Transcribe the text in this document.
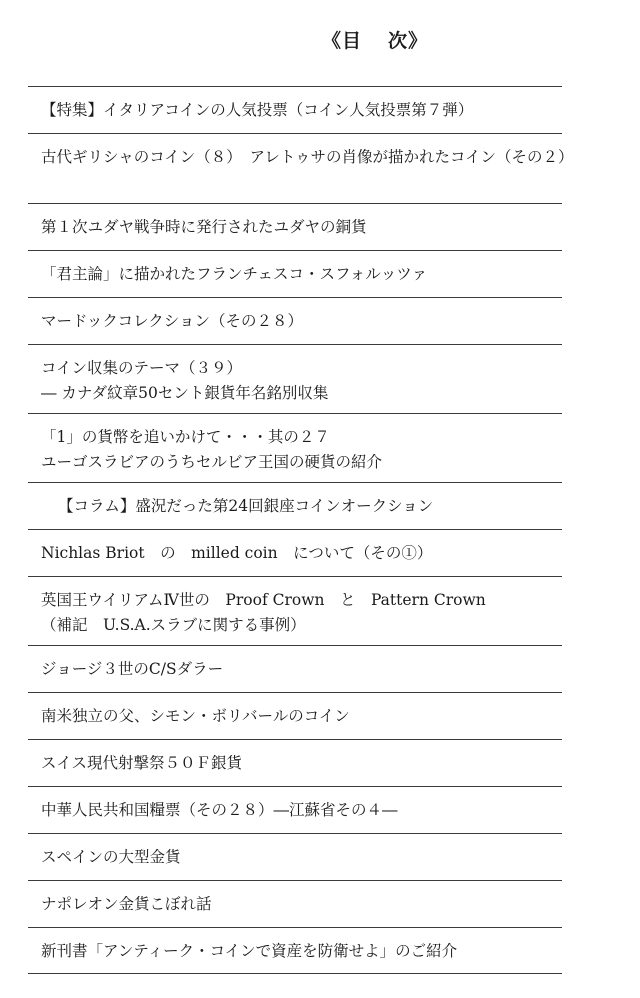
《目 次》
【特集】イタリアコインの人気投票（コイン人気投票第７弾）
古代ギリシャのコイン（８）　アレトゥサの肖像が描かれたコイン（その２）
第１次ユダヤ戦争時に発行されたユダヤの銅貨
「君主論」に描かれたフランチェスコ・スフォルッツァ
マードックコレクション（その２８）
コイン収集のテーマ（３９）
― カナダ紋章50セント銀貨年名銘別収集
「1」の貨幣を追いかけて・・・其の２７
ユーゴスラビアのうちセルビア王国の硬貨の紹介
【コラム】盛況だった第24回銀座コインオークション
Nichlas Briot　の　milled coin　について（その①）
英国王ウイリアムⅣ世の　Proof Crown　と　Pattern Crown
（補記　U.S.A.スラブに関する事例）
ジョージ３世のC/Sダラー
南米独立の父、シモン・ボリバールのコイン
スイス現代射撃祭５０Ｆ銀貨
中華人民共和国糧票（その２８）―江蘇省その４―
スペインの大型金貨
ナポレオン金貨こぼれ話
新刊書「アンティーク・コインで資産を防衛せよ」のご紹介
